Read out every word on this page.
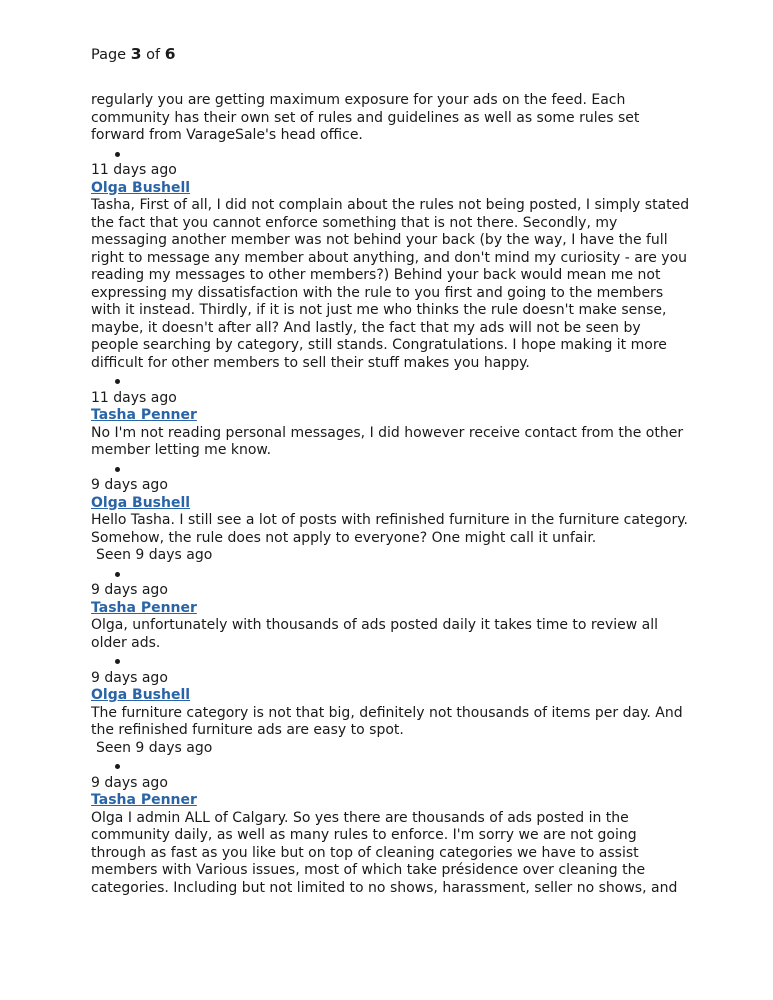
Page 3 of 6

regularly you are getting maximum exposure for your ads on the feed. Each community has their own set of rules and guidelines as well as some rules set forward from VarageSale's head office.

11 days ago

Olga Bushell

Tasha, First of all, I did not complain about the rules not being posted, I simply stated the fact that you cannot enforce something that is not there. Secondly, my messaging another member was not behind your back (by the way, I have the full right to message any member about anything, and don't mind my curiosity - are you reading my messages to other members?) Behind your back would mean me not expressing my dissatisfaction with the rule to you first and going to the members with it instead. Thirdly, if it is not just me who thinks the rule doesn't make sense, maybe, it doesn't after all? And lastly, the fact that my ads will not be seen by people searching by category, still stands. Congratulations. I hope making it more difficult for other members to sell their stuff makes you happy.

11 days ago

Tasha Penner

No I'm not reading personal messages, I did however receive contact from the other member letting me know.

9 days ago

Olga Bushell

Hello Tasha. I still see a lot of posts with refinished furniture in the furniture category. Somehow, the rule does not apply to everyone? One might call it unfair.

Seen 9 days ago

9 days ago

Tasha Penner

Olga, unfortunately with thousands of ads posted daily it takes time to review all older ads.

9 days ago

Olga Bushell

The furniture category is not that big, definitely not thousands of items per day. And the refinished furniture ads are easy to spot.

Seen 9 days ago

9 days ago

Tasha Penner

Olga I admin ALL of Calgary. So yes there are thousands of ads posted in the community daily, as well as many rules to enforce. I'm sorry we are not going through as fast as you like but on top of cleaning categories we have to assist members with Various issues, most of which take présidence over cleaning the categories. Including but not limited to no shows, harassment, seller no shows, and
